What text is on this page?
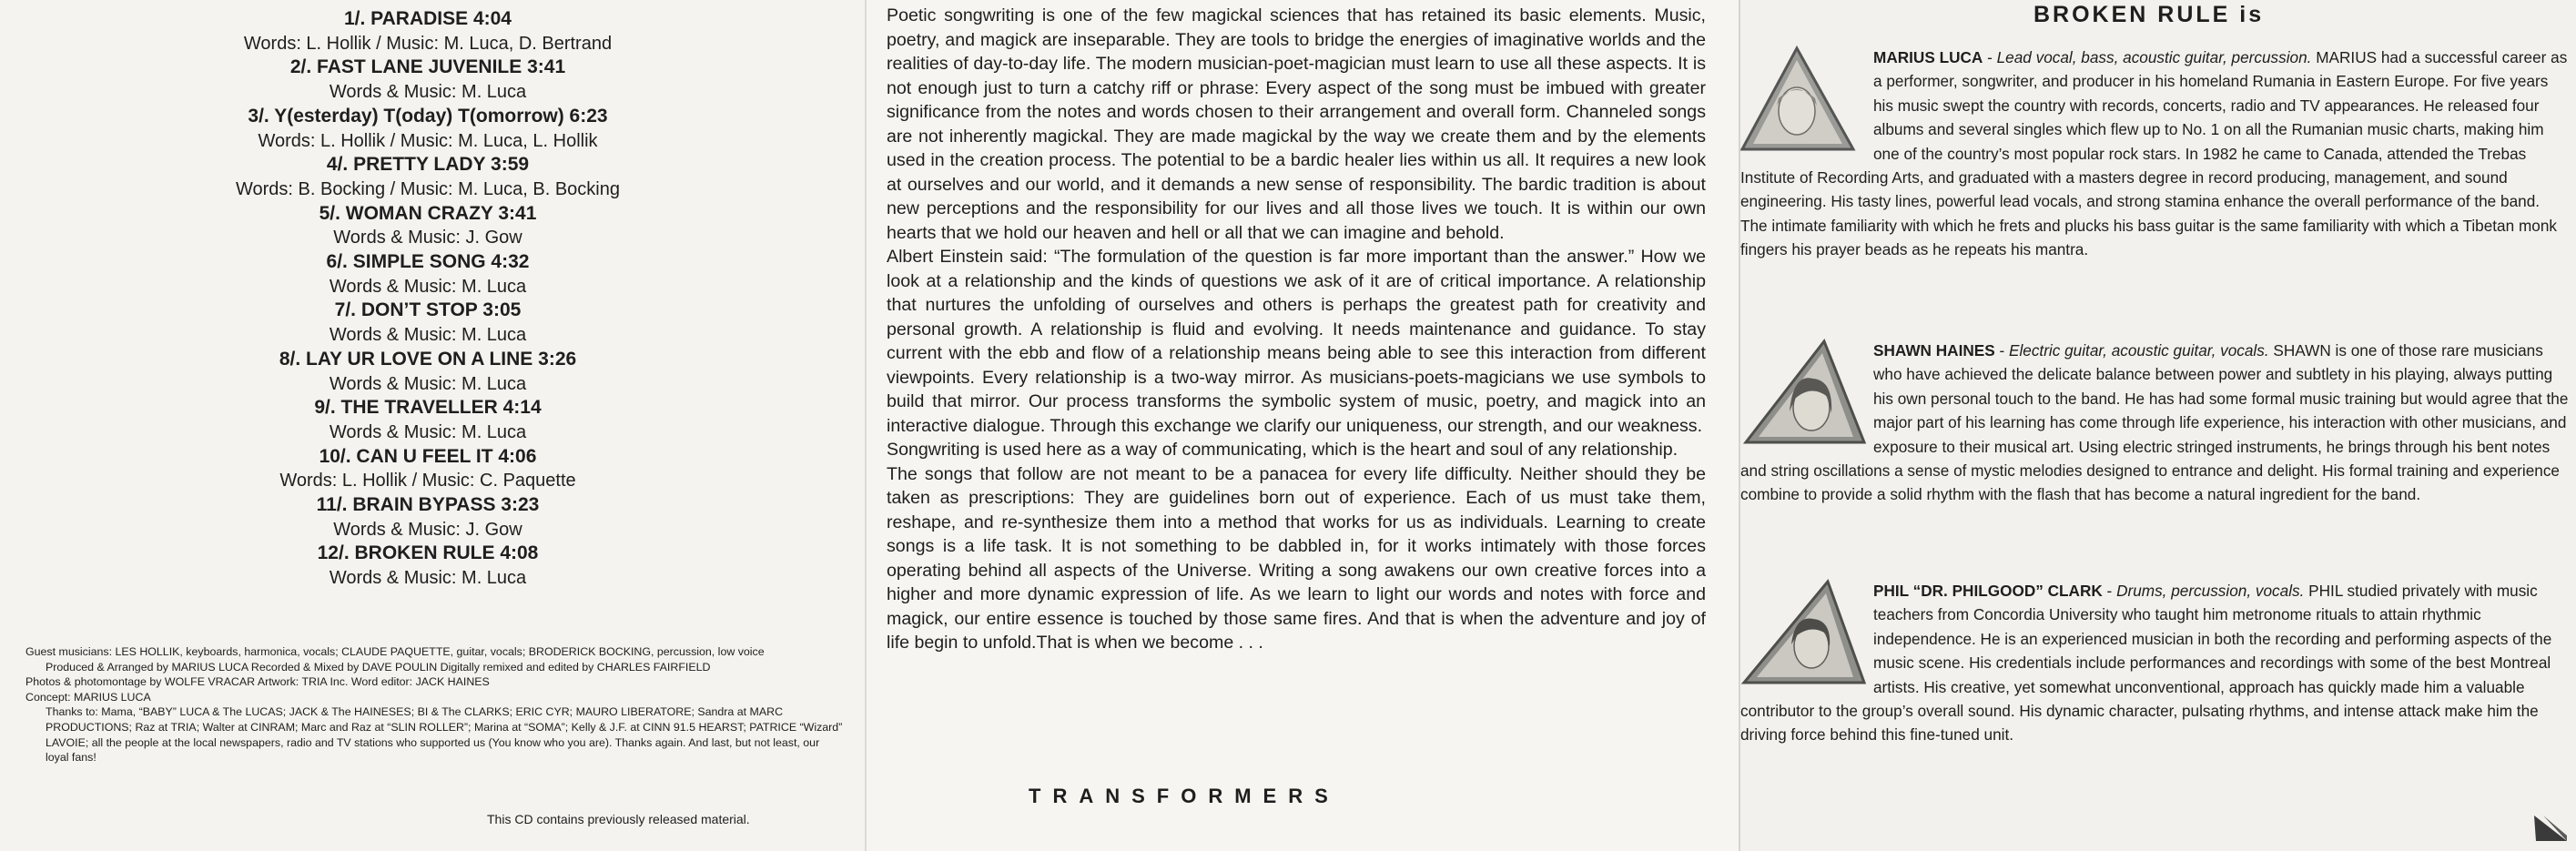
1/. PARADISE 4:04
Words: L. Hollik / Music: M. Luca, D. Bertrand
2/. FAST LANE JUVENILE 3:41
Words & Music: M. Luca
3/. Y(esterday) T(oday) T(omorrow) 6:23
Words: L. Hollik / Music: M. Luca, L. Hollik
4/. PRETTY LADY 3:59
Words: B. Bocking / Music: M. Luca, B. Bocking
5/. WOMAN CRAZY 3:41
Words & Music: J. Gow
6/. SIMPLE SONG 4:32
Words & Music: M. Luca
7/. DON’T STOP 3:05
Words & Music: M. Luca
8/. LAY UR LOVE ON A LINE 3:26
Words & Music: M. Luca
9/. THE TRAVELLER 4:14
Words & Music: M. Luca
10/. CAN U FEEL IT 4:06
Words: L. Hollik / Music: C. Paquette
11/. BRAIN BYPASS 3:23
Words & Music: J. Gow
12/. BROKEN RULE 4:08
Words & Music: M. Luca

Guest musicians: LES HOLLIK, keyboards, harmonica, vocals; CLAUDE PAQUETTE, guitar, vocals; BRODERICK BOCKING, percussion, low voice

Produced & Arranged by MARIUS LUCA Recorded & Mixed by DAVE POULIN Digitally remixed and edited by CHARLES FAIRFIELD

Photos & photomontage by WOLFE VRACAR Artwork: TRIA Inc. Word editor: JACK HAINES

Concept: MARIUS LUCA

Thanks to: Mama, “BABY” LUCA & The LUCAS; JACK & The HAINESES; BI & The CLARKS; ERIC CYR; MAURO LIBERATORE; Sandra at MARC PRODUCTIONS; Raz at TRIA; Walter at CINRAM; Marc and Raz at “SLIN ROLLER”; Marina at “SOMA”; Kelly & J.F. at CINN 91.5 HEARST; PATRICE “Wizard” LAVOIE; all the people at the local newspapers, radio and TV stations who supported us (You know who you are). Thanks again. And last, but not least, our loyal fans!

This CD contains previously released material.

Poetic songwriting is one of the few magickal sciences that has retained its basic elements. Music, poetry, and magick are inseparable. They are tools to bridge the energies of imaginative worlds and the realities of day-to-day life. The modern musician-poet-magician must learn to use all these aspects. It is not enough just to turn a catchy riff or phrase: Every aspect of the song must be imbued with greater significance from the notes and words chosen to their arrangement and overall form. Channeled songs are not inherently magickal. They are made magickal by the way we create them and by the elements used in the creation process. The potential to be a bardic healer lies within us all. It requires a new look at ourselves and our world, and it demands a new sense of responsibility. The bardic tradition is about new perceptions and the responsibility for our lives and all those lives we touch. It is within our own hearts that we hold our heaven and hell or all that we can imagine and behold.

Albert Einstein said: “The formulation of the question is far more important than the answer.” How we look at a relationship and the kinds of questions we ask of it are of critical importance. A relationship that nurtures the unfolding of ourselves and others is perhaps the greatest path for creativity and personal growth. A relationship is fluid and evolving. It needs maintenance and guidance. To stay current with the ebb and flow of a relationship means being able to see this interaction from different viewpoints. Every relationship is a two-way mirror. As musicians-poets-magicians we use symbols to build that mirror. Our process transforms the symbolic system of music, poetry, and magick into an interactive dialogue. Through this exchange we clarify our uniqueness, our strength, and our weakness.

Songwriting is used here as a way of communicating, which is the heart and soul of any relationship.

The songs that follow are not meant to be a panacea for every life difficulty. Neither should they be taken as prescriptions: They are guidelines born out of experience. Each of us must take them, reshape, and re-synthesize them into a method that works for us as individuals. Learning to create songs is a life task. It is not something to be dabbled in, for it works intimately with those forces operating behind all aspects of the Universe. Writing a song awakens our own creative forces into a higher and more dynamic expression of life. As we learn to light our words and notes with force and magick, our entire essence is touched by those same fires. And that is when the adventure and joy of life begin to unfold.That is when we become . . .

TRANSFORMERS
BROKEN RULE is

MARIUS LUCA - Lead vocal, bass, acoustic guitar, percussion. MARIUS had a successful career as a performer, songwriter, and producer in his homeland Rumania in Eastern Europe. For five years his music swept the country with records, concerts, radio and TV appearances. He released four albums and several singles which flew up to No. 1 on all the Rumanian music charts, making him one of the country’s most popular rock stars. In 1982 he came to Canada, attended the Trebas Institute of Recording Arts, and graduated with a masters degree in record producing, management, and sound engineering. His tasty lines, powerful lead vocals, and strong stamina enhance the overall performance of the band. The intimate familiarity with which he frets and plucks his bass guitar is the same familiarity with which a Tibetan monk fingers his prayer beads as he repeats his mantra.

SHAWN HAINES - Electric guitar, acoustic guitar, vocals. SHAWN is one of those rare musicians who have achieved the delicate balance between power and subtlety in his playing, always putting his own personal touch to the band. He has had some formal music training but would agree that the major part of his learning has come through life experience, his interaction with other musicians, and exposure to their musical art. Using electric stringed instruments, he brings through his bent notes and string oscillations a sense of mystic melodies designed to entrance and delight. His formal training and experience combine to provide a solid rhythm with the flash that has become a natural ingredient for the band.

PHIL “DR. PHILGOOD” CLARK - Drums, percussion, vocals. PHIL studied privately with music teachers from Concordia University who taught him metronome rituals to attain rhythmic independence. He is an experienced musician in both the recording and performing aspects of the music scene. His credentials include performances and recordings with some of the best Montreal artists. His creative, yet somewhat unconventional, approach has quickly made him a valuable contributor to the group’s overall sound. His dynamic character, pulsating rhythms, and intense attack make him the driving force behind this fine-tuned unit.
